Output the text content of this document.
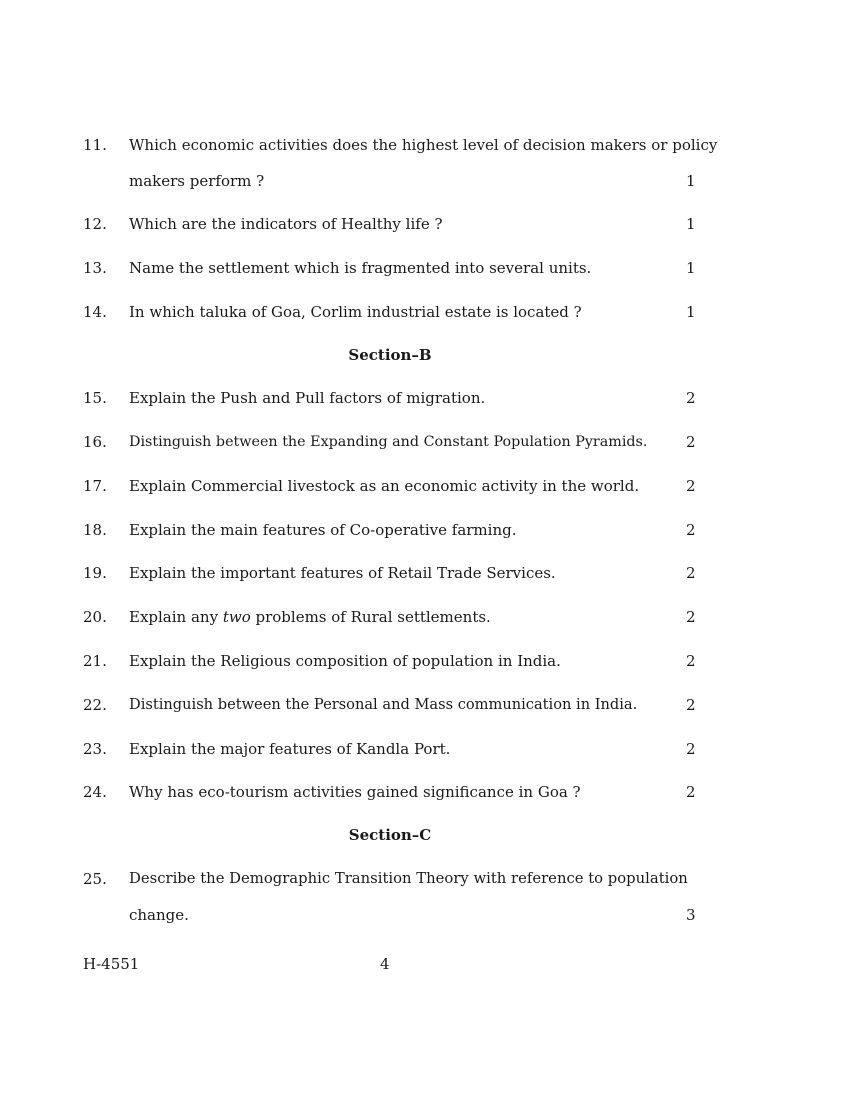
11. Which economic activities does the highest level of decision makers or policy
makers perform ?	1
12. Which are the indicators of Healthy life ?	1
13. Name the settlement which is fragmented into several units.	1
14. In which taluka of Goa, Corlim industrial estate is located ?	1
Section–B
15. Explain the Push and Pull factors of migration.	2
16. Distinguish between the Expanding and Constant Population Pyramids.	2
17. Explain Commercial livestock as an economic activity in the world.	2
18. Explain the main features of Co-operative farming.	2
19. Explain the important features of Retail Trade Services.	2
20. Explain any two problems of Rural settlements.	2
21. Explain the Religious composition of population in India.	2
22. Distinguish between the Personal and Mass communication in India.	2
23. Explain the major features of Kandla Port.	2
24. Why has eco-tourism activities gained significance in Goa ?	2
Section–C
25. Describe the Demographic Transition Theory with reference to population
change.	3
H-4551	4
